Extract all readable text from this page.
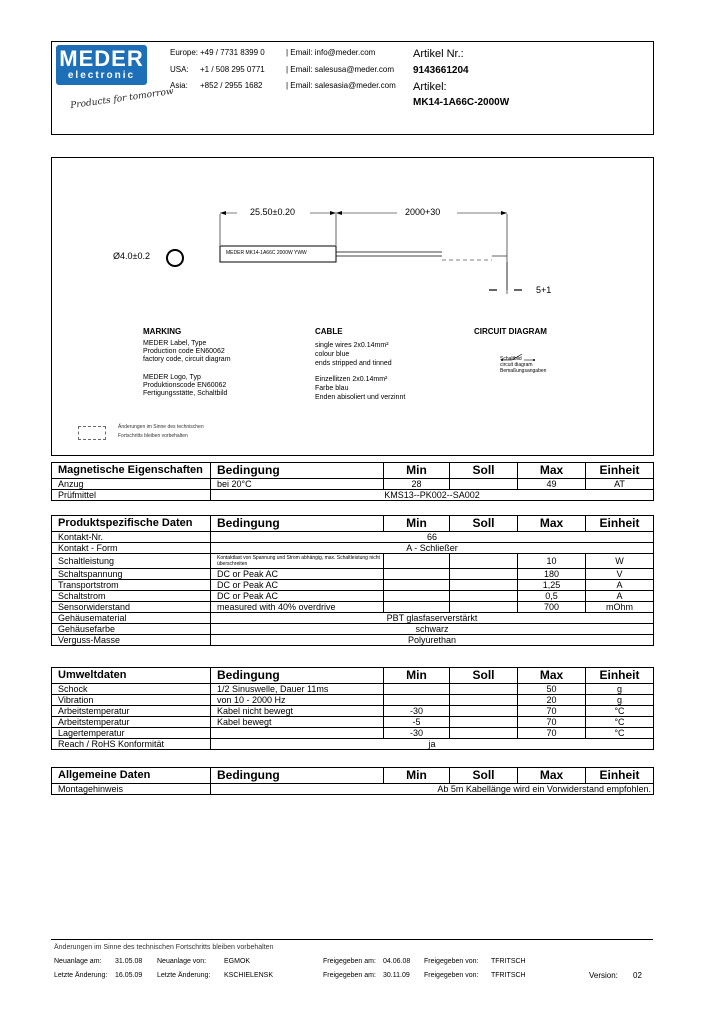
MEDER
electronic
Products for tomorrow
Europe: +49 / 7731 8399 0	| Email: info@meder.com
USA: +1 / 508 295 0771	| Email: salesusa@meder.com
Asia: +852 / 2955 1682	| Email: salesasia@meder.com
Artikel Nr.:
9143661204
Artikel:
MK14-1A66C-2000W
25.50±0.20	2000+30
Ø4.0±0.2	MEDER MK14-1A66C 2000W YWW
5+1
MARKING
MEDER Label, Type
Production code EN60062
factory code, circuit diagram
MEDER Logo, Typ
Produktionscode EN60062
Fertigungsstätte, Schaltbild
CABLE
single wires 2x0.14mm²
colour blue
ends stripped and tinned
Einzellitzen 2x0.14mm²
Farbe blau
Enden abisoliert und verzinnt
CIRCUIT DIAGRAM
Schaltbild
circuit diagram
Bemaßungsangaben
Änderungen im Sinne des technischen
Fortschritts bleiben vorbehalten
Magnetische Eigenschaften	Bedingung	Min	Soll	Max	Einheit
Anzug	bei 20°C	28		49	AT
Prüfmittel	KMS13--PK002--SA002				
Produktspezifische Daten	Bedingung	Min	Soll	Max	Einheit
Kontakt-Nr.	66				
Kontakt - Form	A - Schließer				
Schaltleistung	Kontaktlast von Spannung und Strom abhängig, max. Schaltleistung nicht überschreiten			10	W
Schaltspannung	DC or Peak AC			180	V
Transportstrom	DC or Peak AC			1,25	A
Schaltstrom	DC or Peak AC			0,5	A
Sensorwiderstand	measured with 40% overdrive			700	mOhm
Gehäusematerial	PBT glasfaserverstärkt				
Gehäusefarbe	schwarz				
Verguss-Masse	Polyurethan				
Umweltdaten	Bedingung	Min	Soll	Max	Einheit
Schock	1/2 Sinuswelle, Dauer 11ms			50	g
Vibration	von 10 - 2000 Hz			20	g
Arbeitstemperatur	Kabel nicht bewegt	-30		70	°C
Arbeitstemperatur	Kabel bewegt	-5		70	°C
Lagertemperatur		-30		70	°C
Reach / RoHS Konformität	ja				
Allgemeine Daten	Bedingung	Min	Soll	Max	Einheit
Montagehinweis	Ab 5m Kabellänge wird ein Vorwiderstand empfohlen.				
Änderungen im Sinne des technischen Fortschritts bleiben vorbehalten
Neuanlage am: 31.05.08 Neuanlage von:	EGMOK	Freigegeben am: 04.06.08 Freigegeben von: TFRITSCH
Letzte Änderung: 16.05.09 Letzte Änderung: KSCHIELENSK	Freigegeben am: 30.11.09 Freigegeben von: TFRITSCH	Version: 02
